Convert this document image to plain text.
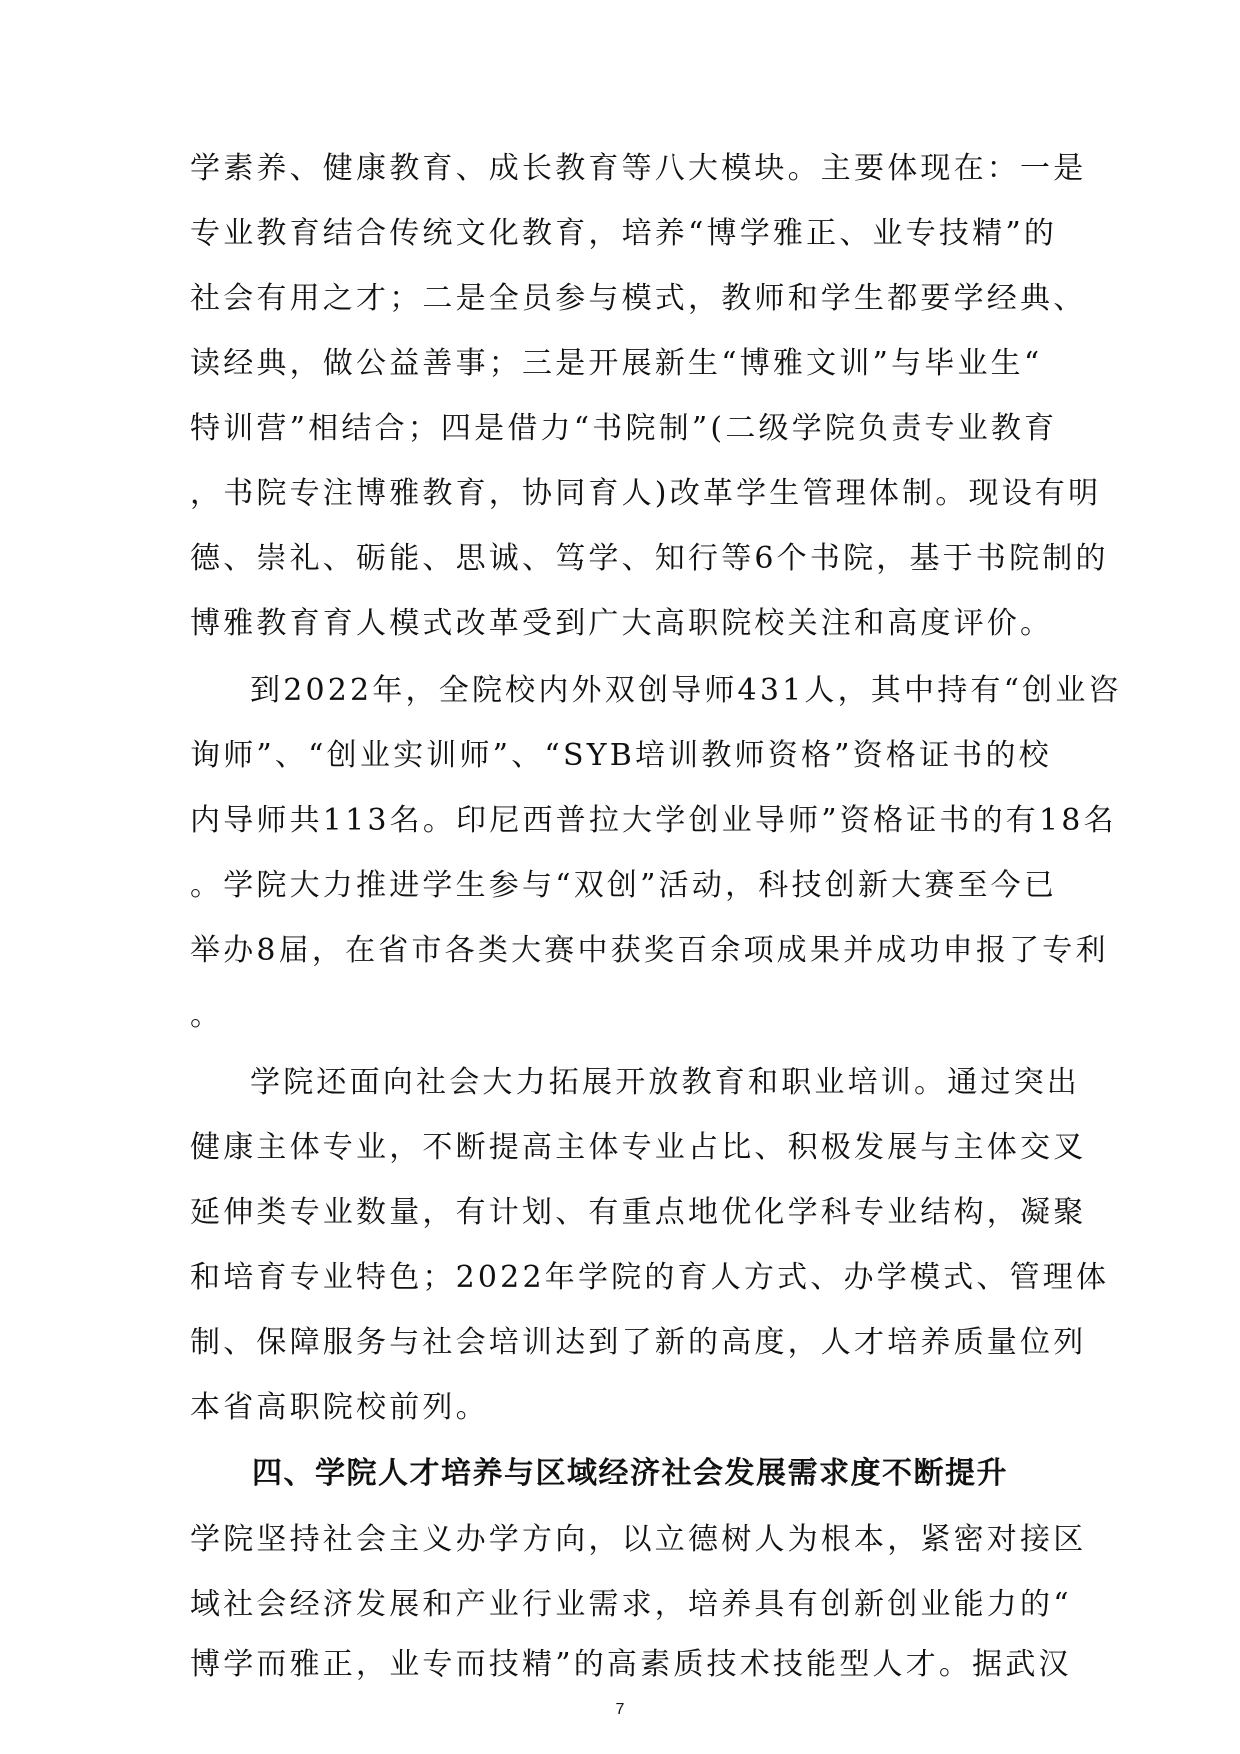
学素养、健康教育、成长教育等八大模块。主要体现在：一是
专业教育结合传统文化教育，培养“博学雅正、业专技精”的
社会有用之才；二是全员参与模式，教师和学生都要学经典、
读经典，做公益善事；三是开展新生“博雅文训”与毕业生“
特训营”相结合；四是借力“书院制”(二级学院负责专业教育
，书院专注博雅教育，协同育人)改革学生管理体制。现设有明
德、崇礼、砺能、思诚、笃学、知行等6个书院，基于书院制的
博雅教育育人模式改革受到广大高职院校关注和高度评价。
到2022年，全院校内外双创导师431人，其中持有“创业咨
询师”、“创业实训师”、“SYB培训教师资格”资格证书的校
内导师共113名。印尼西普拉大学创业导师”资格证书的有18名
。学院大力推进学生参与“双创”活动，科技创新大赛至今已
举办8届，在省市各类大赛中获奖百余项成果并成功申报了专利
。
学院还面向社会大力拓展开放教育和职业培训。通过突出
健康主体专业，不断提高主体专业占比、积极发展与主体交叉
延伸类专业数量，有计划、有重点地优化学科专业结构，凝聚
和培育专业特色；2022年学院的育人方式、办学模式、管理体
制、保障服务与社会培训达到了新的高度，人才培养质量位列
本省高职院校前列。
四、学院人才培养与区域经济社会发展需求度不断提升
学院坚持社会主义办学方向，以立德树人为根本，紧密对接区
域社会经济发展和产业行业需求，培养具有创新创业能力的“
博学而雅正，业专而技精”的高素质技术技能型人才。据武汉
7
